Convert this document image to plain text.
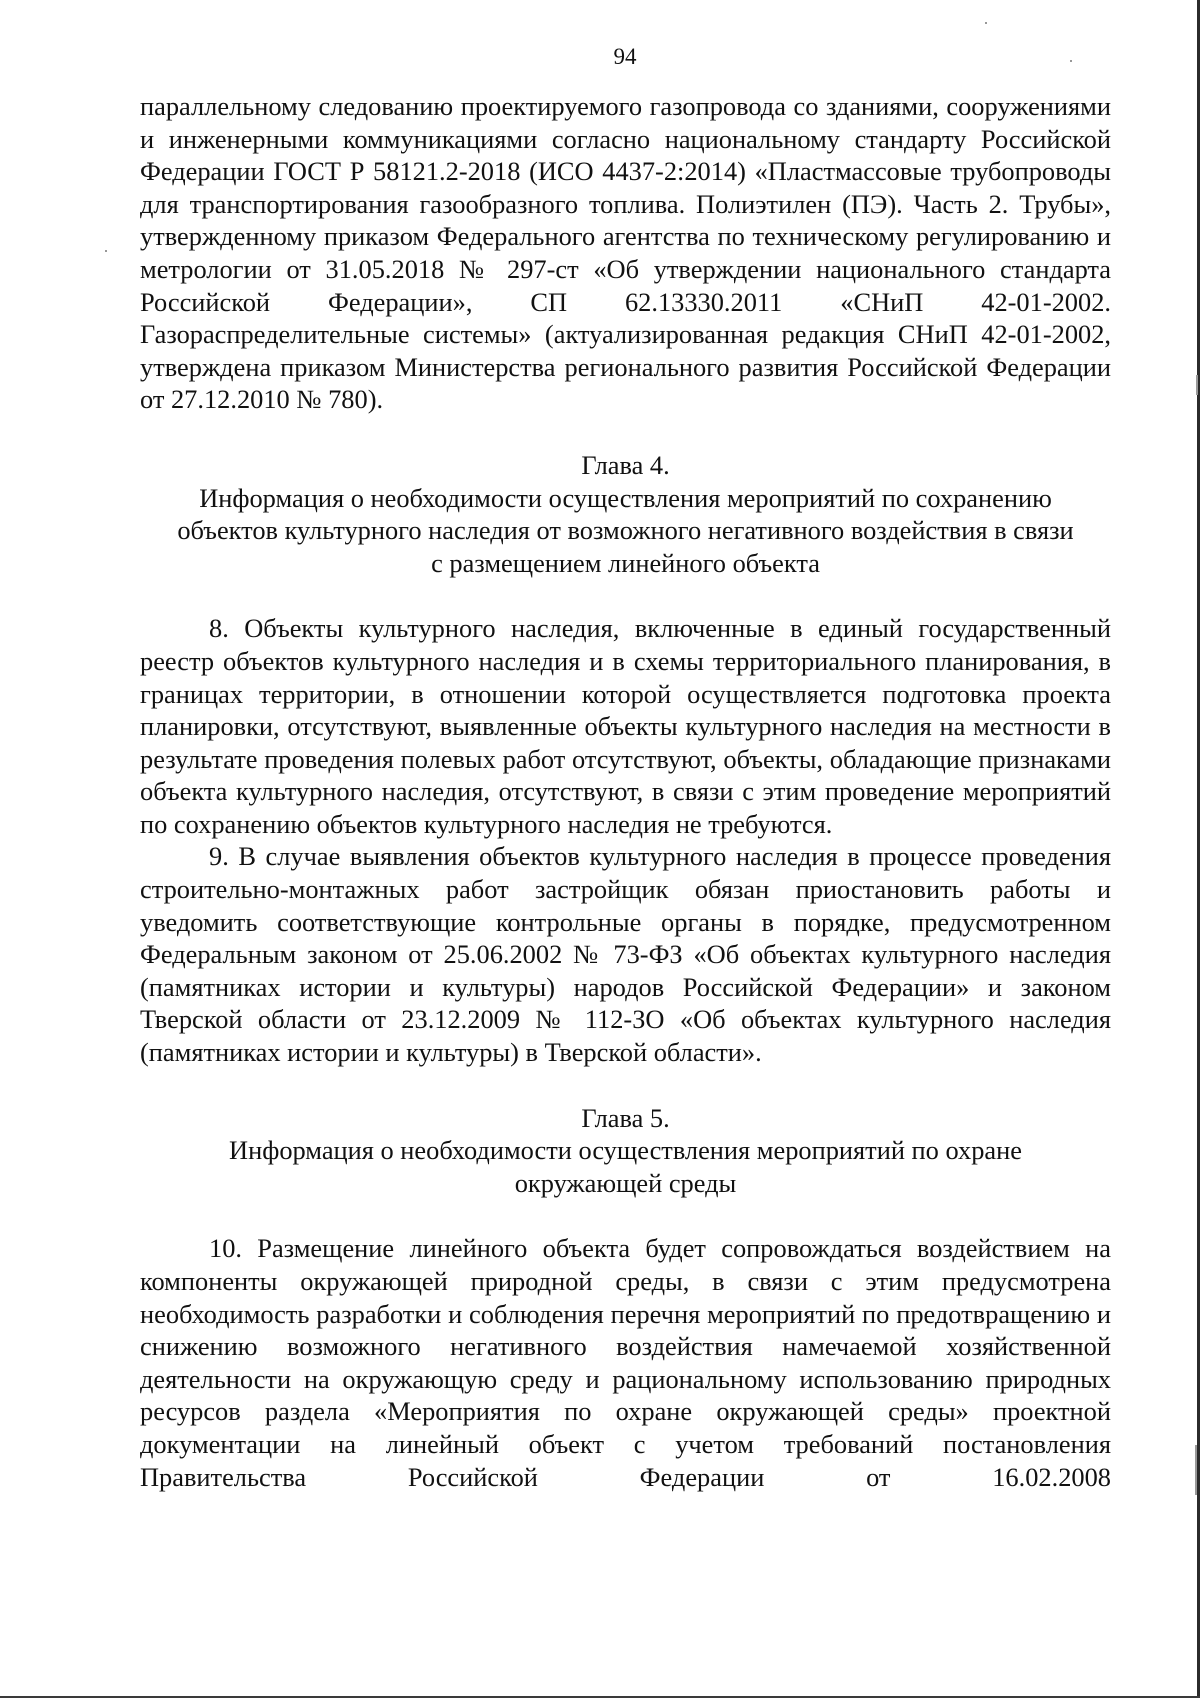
94

параллельному следованию проектируемого газопровода со зданиями, сооружениями и инженерными коммуникациями согласно национальному стандарту Российской Федерации ГОСТ Р 58121.2-2018 (ИСО 4437-2:2014) «Пластмассовые трубопроводы для транспортирования газообразного топлива. Полиэтилен (ПЭ). Часть 2. Трубы», утвержденному приказом Федерального агентства по техническому регулированию и метрологии от 31.05.2018 № 297-ст «Об утверждении национального стандарта Российской Федерации», СП 62.13330.2011 «СНиП 42-01-2002. Газораспределительные системы» (актуализированная редакция СНиП 42-01-2002, утверждена приказом Министерства регионального развития Российской Федерации от 27.12.2010 № 780).

Глава 4.

Информация о необходимости осуществления мероприятий по сохранению

объектов культурного наследия от возможного негативного воздействия в связи

с размещением линейного объекта

8. Объекты культурного наследия, включенные в единый государственный реестр объектов культурного наследия и в схемы территориального планирования, в границах территории, в отношении которой осуществляется подготовка проекта планировки, отсутствуют, выявленные объекты культурного наследия на местности в результате проведения полевых работ отсутствуют, объекты, обладающие признаками объекта культурного наследия, отсутствуют, в связи с этим проведение мероприятий по сохранению объектов культурного наследия не требуются.

9. В случае выявления объектов культурного наследия в процессе проведения строительно-монтажных работ застройщик обязан приостановить работы и уведомить соответствующие контрольные органы в порядке, предусмотренном Федеральным законом от 25.06.2002 № 73-ФЗ «Об объектах культурного наследия (памятниках истории и культуры) народов Российской Федерации» и законом Тверской области от 23.12.2009 № 112-ЗО «Об объектах культурного наследия (памятниках истории и культуры) в Тверской области».

Глава 5.

Информация о необходимости осуществления мероприятий по охране

окружающей среды

10. Размещение линейного объекта будет сопровождаться воздействием на компоненты окружающей природной среды, в связи с этим предусмотрена необходимость разработки и соблюдения перечня мероприятий по предотвращению и снижению возможного негативного воздействия намечаемой хозяйственной деятельности на окружающую среду и рациональному использованию природных ресурсов раздела «Мероприятия по охране окружающей среды» проектной документации на линейный объект с учетом требований постановления Правительства Российской Федерации от 16.02.2008
